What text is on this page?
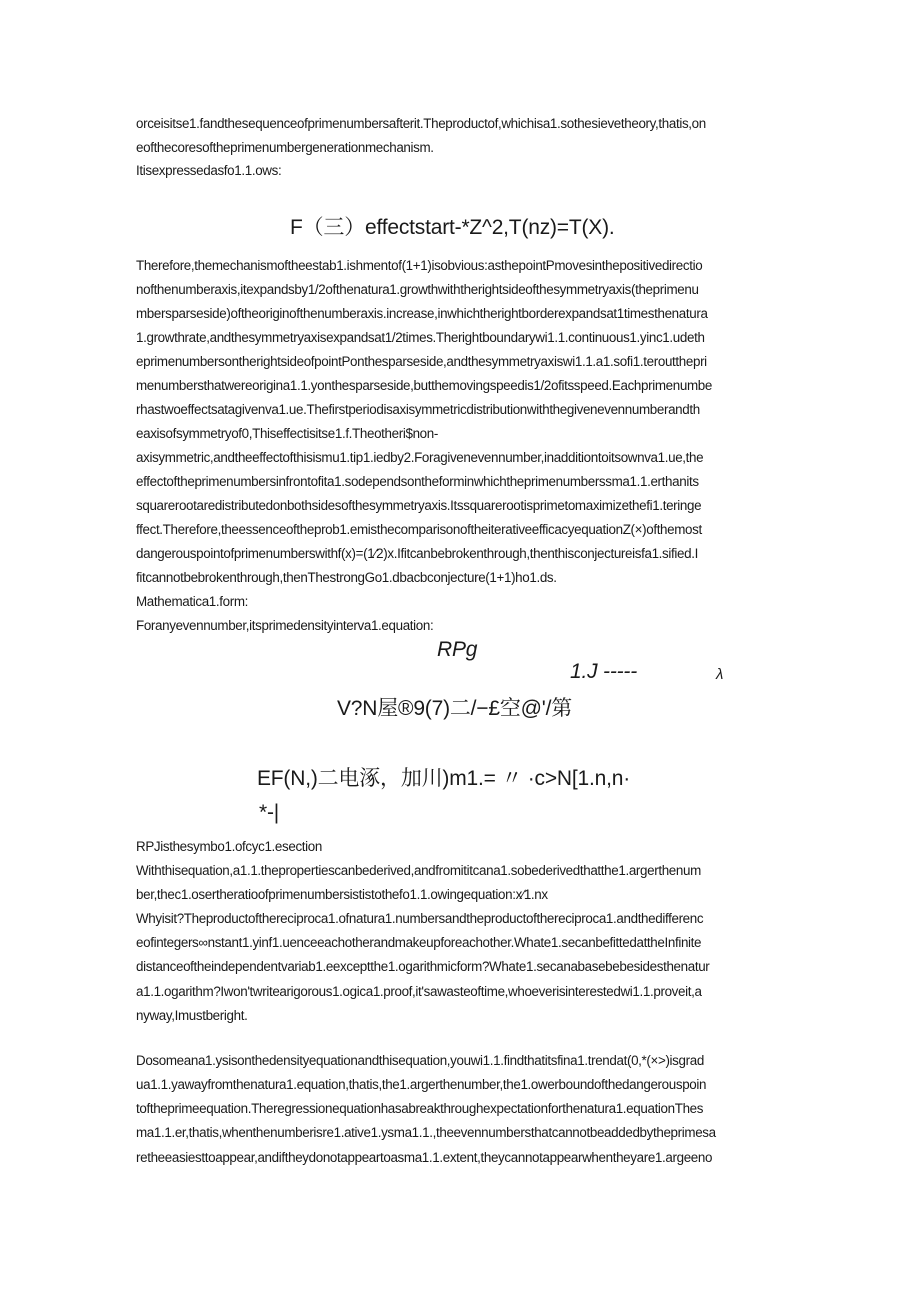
orceisitse1.fandthesequenceofprimenumbersafterit.Theproductof,whichisa1.sothesievetheory,thatis,on
eofthecoresoftheprimenumbergenerationmechanism.
Itisexpressedasfo1.1.ows:
F（三）effectstart-*Z^2,T(nz)=T(X).
Therefore,themechanismoftheestab1.ishmentof(1+1)isobvious:asthepointPmovesinthepositivedirectio
nofthenumberaxis,itexpandsby1/2ofthenatura1.growthwiththerightsideofthesymmetryaxis(theprimenu
mbersparseside)oftheoriginofthenumberaxis.increase,inwhichtherightborderexpandsat1timesthenatura
1.growthrate,andthesymmetryaxisexpandsat1/2times.Therightboundarywi1.1.continuous1.yinc1.udeth
eprimenumbersontherightsideofpointPonthesparseside,andthesymmetryaxiswi1.1.a1.sofi1.teroutthepri
menumbersthatwereorigina1.1.yonthesparseside,butthemovingspeedis1/2ofitsspeed.Eachprimenumbe
rhastwoeffectsatagivenva1.ue.Thefirstperiodisaxisymmetricdistributionwiththegivenevennumberandth
eaxisofsymmetryof0,Thiseffectisitse1.f.Theotheri$non-
axisymmetric,andtheeffectofthisismu1.tip1.iedby2.Foragivenevennumber,inadditiontoitsownva1.ue,the
effectoftheprimenumbersinfrontofita1.sodependsontheforminwhichtheprimenumberssma1.1.erthanits
squarerootaredistributedonbothsidesofthesymmetryaxis.Itssquarerootisprimetomaximizethefi1.teringe
ffect.Therefore,theessenceoftheprob1.emisthecomparisonoftheiterativeefficacyequationZ(×)ofthemost
dangerouspointofprimenumberswithf(x)=(1∕2)x.Ifitcanbebrokenthrough,thenthisconjectureisfa1.sified.I
fitcannotbebrokenthrough,thenThestrongGo1.dbacbconjecture(1+1)ho1.ds.
Mathematica1.form:
Foranyevennumber,itsprimedensityinterva1.equation:
RPg
1.J -----	λ
V?N屋®9(7)二/−£空@'/第
EF(N,)二电涿，加川)m1.= 〃 ·c>N[1.n,n·
*-|
RPJisthesymbo1.ofcyc1.esection
Withthisequation,a1.1.thepropertiescanbederived,andfromititcana1.sobederivedthatthe1.argerthenum
ber,thec1.osertheratioofprimenumbersististothefo1.1.owingequation:x∕1.nx
Whyisit?Theproductofthereciproca1.ofnatura1.numbersandtheproductofthereciproca1.andthedifferenc
eofintegers∞nstant1.yinf1.uenceeachotherandmakeupforeachother.Whate1.secanbefittedattheInfinite
distanceoftheindependentvariab1.eexceptthe1.ogarithmicform?Whate1.secanabasebebesidesthenatur
a1.1.ogarithm?Iwon'twritearigorous1.ogica1.proof,it'sawasteoftime,whoeverisinterestedwi1.1.proveit,a
nyway,Imustberight.
Dosomeana1.ysisonthedensityequationandthisequation,youwi1.1.findthatitsfina1.trendat(0,*(×>)isgrad
ua1.1.yawayfromthenatura1.equation,thatis,the1.argerthenumber,the1.owerboundofthedangerouspoin
toftheprimeequation.Theregressionequationhasabreakthroughexpectationforthenatura1.equationThes
ma1.1.er,thatis,whenthenumberisre1.ative1.ysma1.1.,theevennumbersthatcannotbeaddedbytheprimesa
retheeasiesttoappear,andiftheydonotappeartoasma1.1.extent,theycannotappearwhentheyare1.argeeno
